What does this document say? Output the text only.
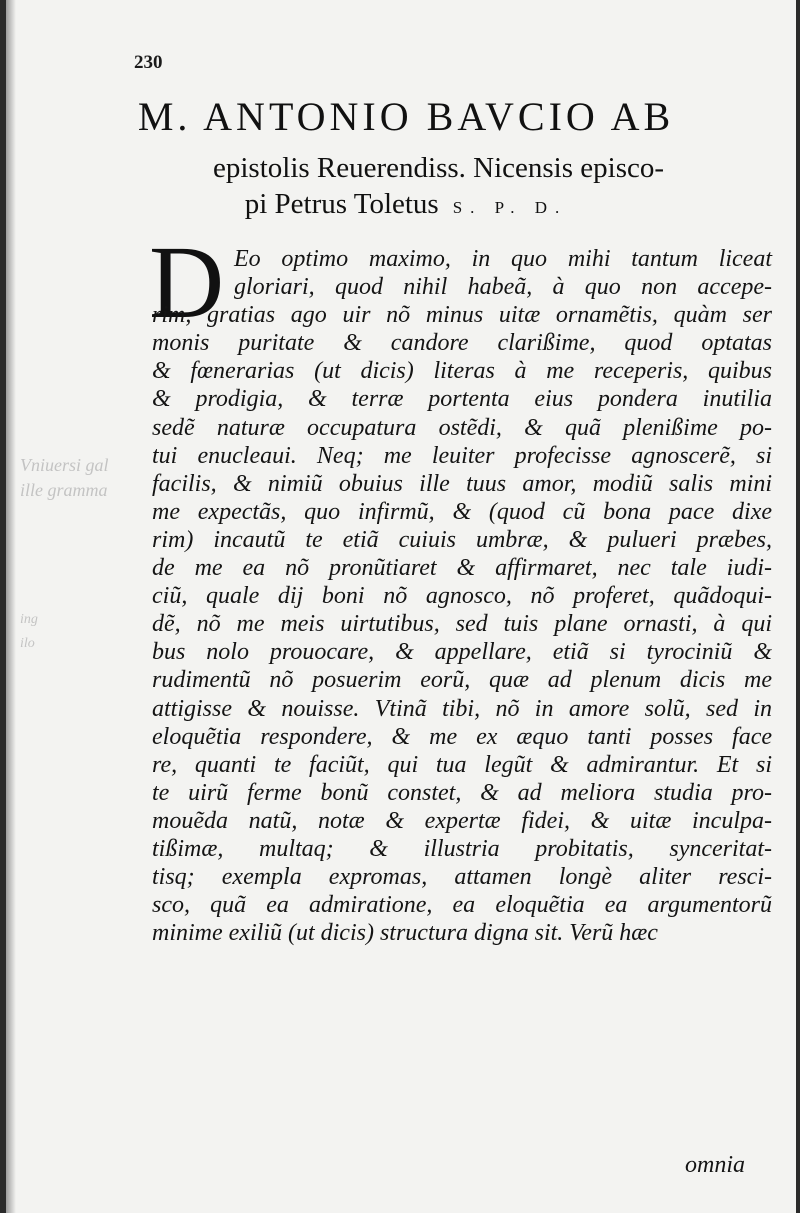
Vniuersi gal
ille gramma
ing
ilo
230
M. ANTONIO BAVCIO AB
epistolis Reuerendiss. Nicensis episco-
pi Petrus Toletus S. P. D.
D Eo optimo maximo, in quo mihi tantum liceat
gloriari, quod nihil habeã, à quo non accepe-
rim, gratias ago uir nõ minus uitæ ornamẽtis, quàm ser
monis puritate & candore clarißime, quod optatas
& fœnerarias (ut dicis) literas à me receperis, quibus
& prodigia, & terræ portenta eius pondera inutilia
sedẽ naturæ occupatura ostẽdi, & quã plenißime po-
tui enucleaui. Neq; me leuiter profecisse agnoscerẽ, si
facilis, & nimiũ obuius ille tuus amor, modiũ salis mini
me expectãs, quo infirmũ, & (quod cũ bona pace dixe
rim) incautũ te etiã cuiuis umbræ, & pulueri præbes,
de me ea nõ pronũtiaret & affirmaret, nec tale iudi-
ciũ, quale dij boni nõ agnosco, nõ proferet, quãdoqui-
dẽ, nõ me meis uirtutibus, sed tuis plane ornasti, à qui
bus nolo prouocare, & appellare, etiã si tyrociniũ &
rudimentũ nõ posuerim eorũ, quæ ad plenum dicis me
attigisse & nouisse. Vtinã tibi, nõ in amore solũ, sed in
eloquẽtia respondere, & me ex æquo tanti posses face
re, quanti te faciũt, qui tua legũt & admirantur. Et si
te uirũ ferme bonũ constet, & ad meliora studia pro-
mouẽda natũ, notæ & expertæ fidei, & uitæ inculpa-
tißimæ, multaq; & illustria probitatis, synceritat-
tisq; exempla expromas, attamen longè aliter resci-
sco, quã ea admiratione, ea eloquẽtia ea argumentorũ
minime exiliũ (ut dicis) structura digna sit. Verũ hæc
omnia
